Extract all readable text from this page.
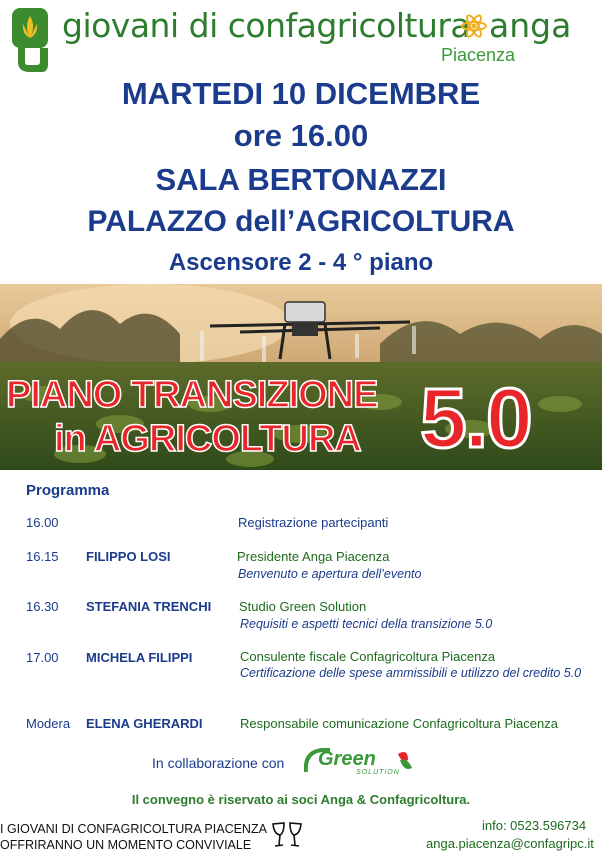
giovani di confagricoltura anga
Piacenza
MARTEDI 10 DICEMBRE
ore 16.00
SALA BERTONAZZI
PALAZZO dell’AGRICOLTURA
Ascensore 2 - 4 ° piano
PIANO TRANSIZIONE
in AGRICOLTURA 5.0
Programma
16.00	Registrazione partecipanti
16.15 FILIPPO LOSI	Presidente Anga Piacenza
Benvenuto e apertura dell’evento
16.30 STEFANIA TRENCHI Studio Green Solution
Requisiti e aspetti tecnici della transizione 5.0
17.00 MICHELA FILIPPI	Consulente fiscale Confagricoltura Piacenza
Certificazione delle spese ammissibili e utilizzo del credito 5.0
Modera ELENA GHERARDI	Responsabile comunicazione Confagricoltura Piacenza
In collaborazione con Green
SOLUTION
Il convegno è riservato ai soci Anga & Confagricoltura.
I GIOVANI DI CONFAGRICOLTURA PIACENZA
OFFRIRANNO UN MOMENTO CONVIVIALE
info: 0523.596734
anga.piacenza@confagripc.it
